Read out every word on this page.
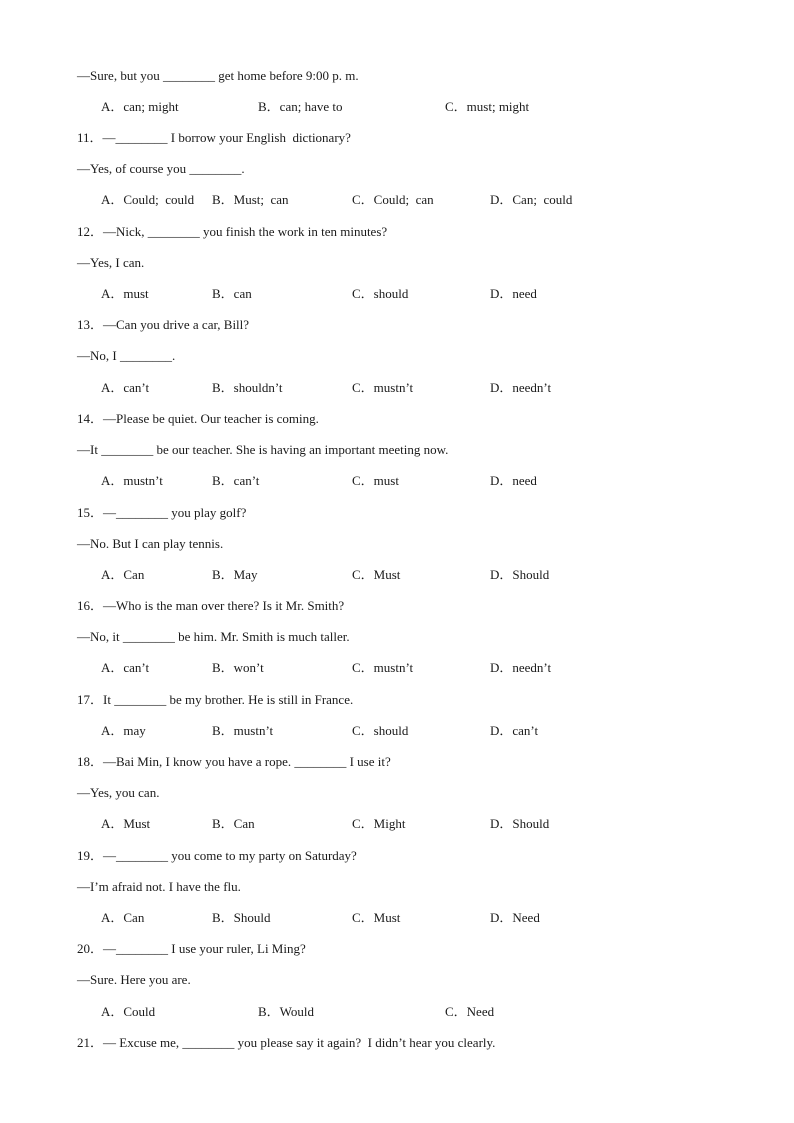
—Sure, but you ________ get home before 9:00 p. m.
A．can; might	B．can; have to	C．must; might
11．—________ I borrow your English  dictionary?
—Yes, of course you ________.
A．Could;  could B．Must;  can	C．Could;  can	D．Can;  could
12．—Nick, ________ you finish the work in ten minutes?
—Yes, I can.
A．must	B．can	C．should	D．need
13．—Can you drive a car, Bill?
—No, I ________.
A．can’t	B．shouldn’t	C．mustn’t	D．needn’t
14．—Please be quiet. Our teacher is coming.
—It ________ be our teacher. She is having an important meeting now.
A．mustn’t	B．can’t	C．must	D．need
15．—________ you play golf?
—No. But I can play tennis.
A．Can	B．May	C．Must	D．Should
16．—Who is the man over there? Is it Mr. Smith?
—No, it ________ be him. Mr. Smith is much taller.
A．can’t	B．won’t	C．mustn’t	D．needn’t
17．It ________ be my brother. He is still in France.
A．may	B．mustn’t	C．should	D．can’t
18．—Bai Min, I know you have a rope. ________ I use it?
—Yes, you can.
A．Must	B．Can	C．Might	D．Should
19．—________ you come to my party on Saturday?
—I’m afraid not. I have the flu.
A．Can	B．Should	C．Must	D．Need
20．—________ I use your ruler, Li Ming?
—Sure. Here you are.
A．Could	B．Would	C．Need
21．— Excuse me, ________ you please say it again?  I didn’t hear you clearly.
